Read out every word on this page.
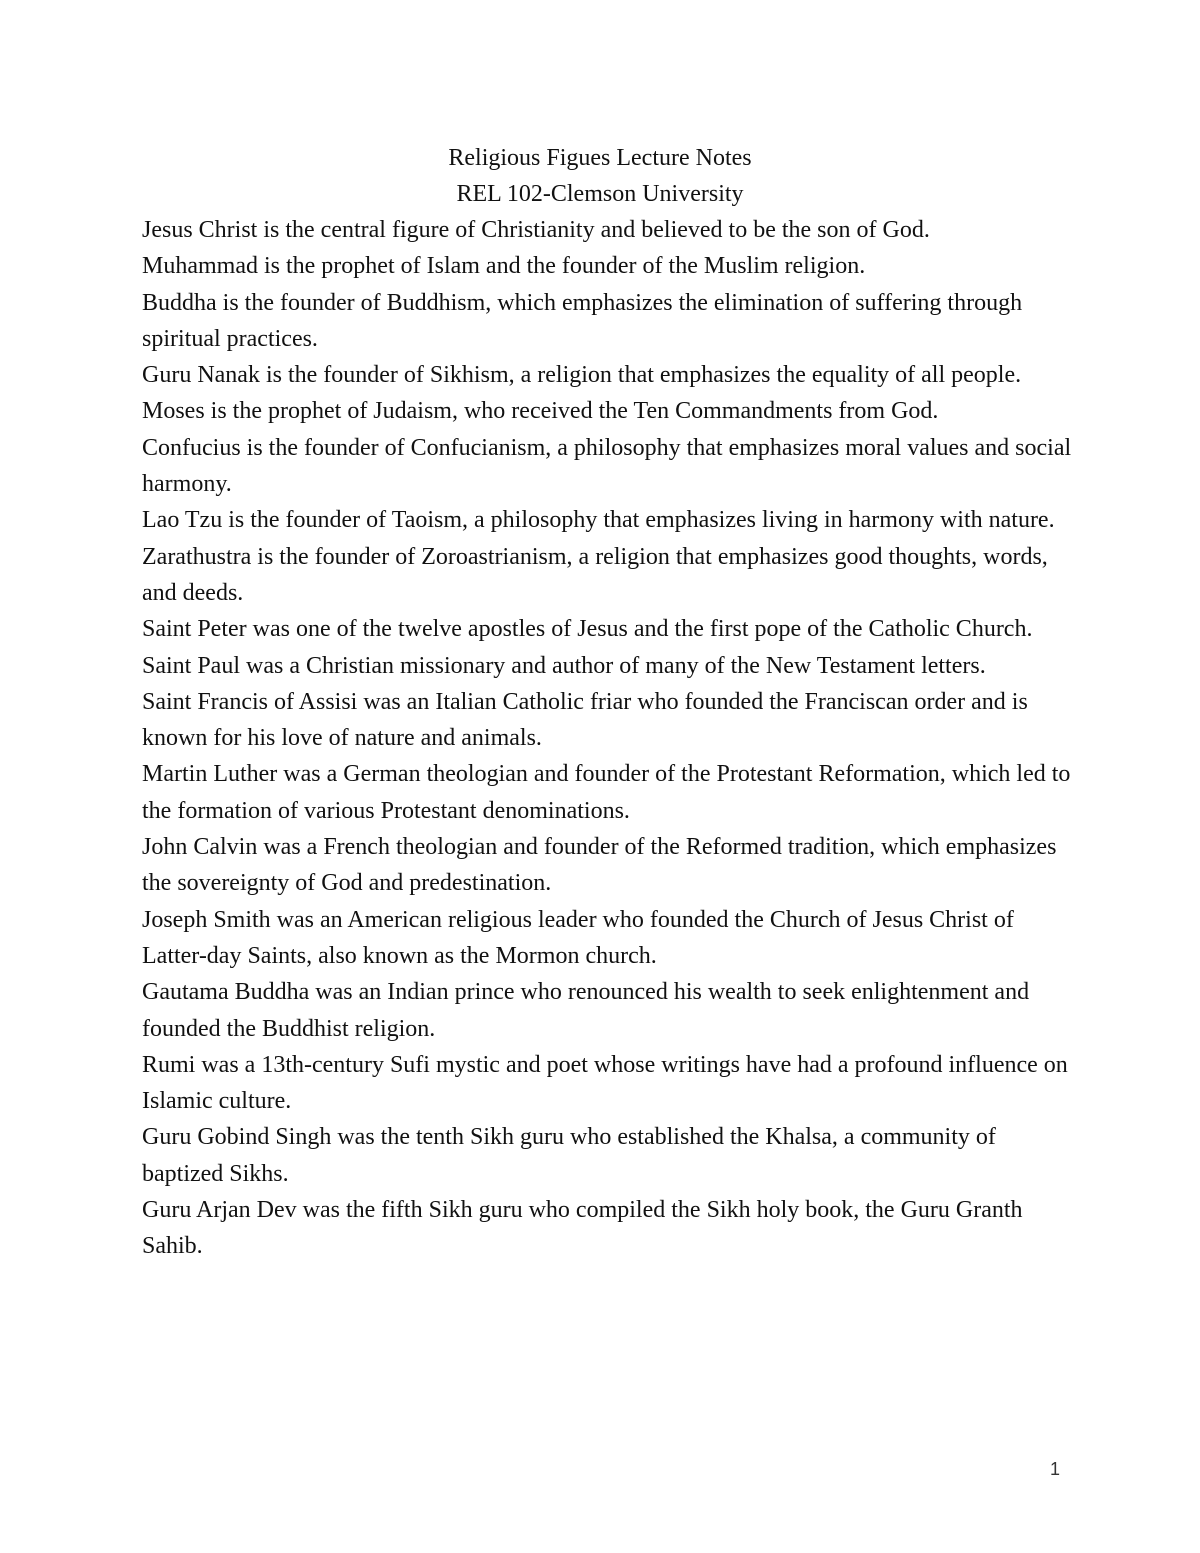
Religious Figues Lecture Notes
REL 102-Clemson University

Jesus Christ is the central figure of Christianity and believed to be the son of God.

Muhammad is the prophet of Islam and the founder of the Muslim religion.

Buddha is the founder of Buddhism, which emphasizes the elimination of suffering through spiritual practices.

Guru Nanak is the founder of Sikhism, a religion that emphasizes the equality of all people.

Moses is the prophet of Judaism, who received the Ten Commandments from God.

Confucius is the founder of Confucianism, a philosophy that emphasizes moral values and social harmony.

Lao Tzu is the founder of Taoism, a philosophy that emphasizes living in harmony with nature.

Zarathustra is the founder of Zoroastrianism, a religion that emphasizes good thoughts, words, and deeds.

Saint Peter was one of the twelve apostles of Jesus and the first pope of the Catholic Church.

Saint Paul was a Christian missionary and author of many of the New Testament letters.

Saint Francis of Assisi was an Italian Catholic friar who founded the Franciscan order and is known for his love of nature and animals.

Martin Luther was a German theologian and founder of the Protestant Reformation, which led to the formation of various Protestant denominations.

John Calvin was a French theologian and founder of the Reformed tradition, which emphasizes the sovereignty of God and predestination.

Joseph Smith was an American religious leader who founded the Church of Jesus Christ of Latter-day Saints, also known as the Mormon church.

Gautama Buddha was an Indian prince who renounced his wealth to seek enlightenment and founded the Buddhist religion.

Rumi was a 13th-century Sufi mystic and poet whose writings have had a profound influence on Islamic culture.

Guru Gobind Singh was the tenth Sikh guru who established the Khalsa, a community of baptized Sikhs.

Guru Arjan Dev was the fifth Sikh guru who compiled the Sikh holy book, the Guru Granth Sahib.

1
